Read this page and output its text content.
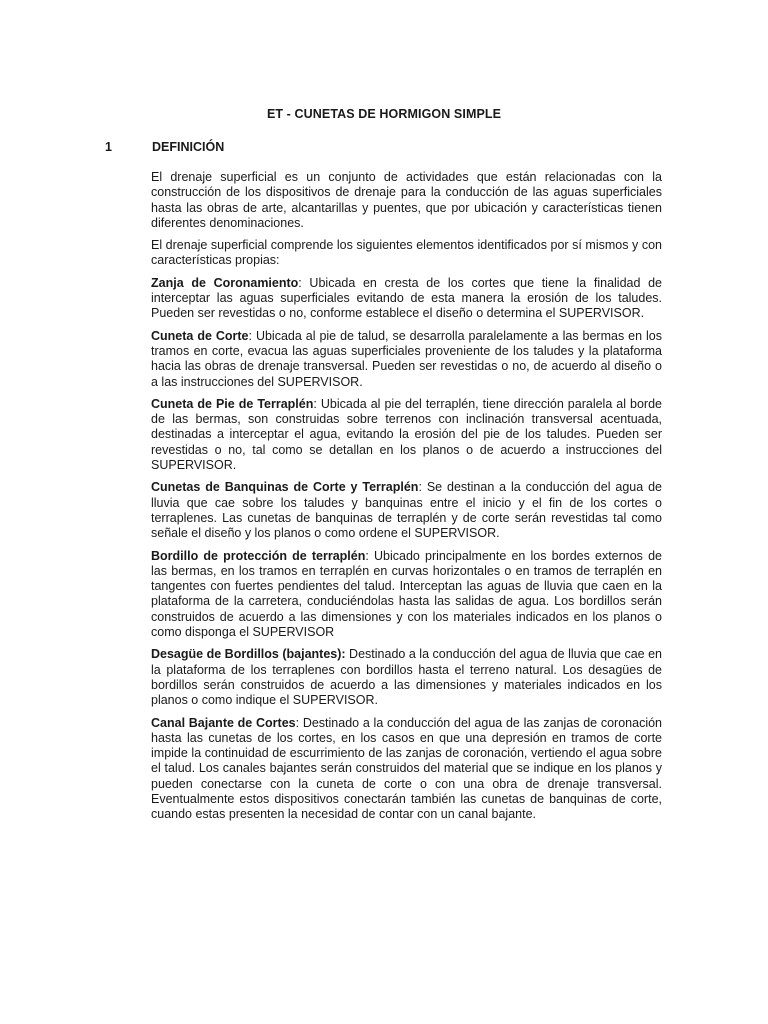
ET - CUNETAS DE HORMIGON SIMPLE
1	DEFINICIÓN

El drenaje superficial es un conjunto de actividades que están relacionadas con la construcción de los dispositivos de drenaje para la conducción de las aguas superficiales hasta las obras de arte, alcantarillas y puentes, que por ubicación y características tienen diferentes denominaciones.

El drenaje superficial comprende los siguientes elementos identificados por sí mismos y con características propias:

Zanja de Coronamiento: Ubicada en cresta de los cortes que tiene la finalidad de interceptar las aguas superficiales evitando de esta manera la erosión de los taludes. Pueden ser revestidas o no, conforme establece el diseño o determina el SUPERVISOR.

Cuneta de Corte: Ubicada al pie de talud, se desarrolla paralelamente a las bermas en los tramos en corte, evacua las aguas superficiales proveniente de los taludes y la plataforma hacia las obras de drenaje transversal. Pueden ser revestidas o no, de acuerdo al diseño o a las instrucciones del SUPERVISOR.

Cuneta de Pie de Terraplén: Ubicada al pie del terraplén, tiene dirección paralela al borde de las bermas, son construidas sobre terrenos con inclinación transversal acentuada, destinadas a interceptar el agua, evitando la erosión del pie de los taludes. Pueden ser revestidas o no, tal como se detallan en los planos o de acuerdo a instrucciones del SUPERVISOR.

Cunetas de Banquinas de Corte y Terraplén: Se destinan a la conducción del agua de lluvia que cae sobre los taludes y banquinas entre el inicio y el fin de los cortes o terraplenes. Las cunetas de banquinas de terraplén y de corte serán revestidas tal como señale el diseño y los planos o como ordene el SUPERVISOR.

Bordillo de protección de terraplén: Ubicado principalmente en los bordes externos de las bermas, en los tramos en terraplén en curvas horizontales o en tramos de terraplén en tangentes con fuertes pendientes del talud. Interceptan las aguas de lluvia que caen en la plataforma de la carretera, conduciéndolas hasta las salidas de agua. Los bordillos serán construidos de acuerdo a las dimensiones y con los materiales indicados en los planos o como disponga el SUPERVISOR

Desagüe de Bordillos (bajantes): Destinado a la conducción del agua de lluvia que cae en la plataforma de los terraplenes con bordillos hasta el terreno natural. Los desagües de bordillos serán construidos de acuerdo a las dimensiones y materiales indicados en los planos o como indique el SUPERVISOR.

Canal Bajante de Cortes: Destinado a la conducción del agua de las zanjas de coronación hasta las cunetas de los cortes, en los casos en que una depresión en tramos de corte impide la continuidad de escurrimiento de las zanjas de coronación, vertiendo el agua sobre el talud. Los canales bajantes serán construidos del material que se indique en los planos y pueden conectarse con la cuneta de corte o con una obra de drenaje transversal. Eventualmente estos dispositivos conectarán también las cunetas de banquinas de corte, cuando estas presenten la necesidad de contar con un canal bajante.
